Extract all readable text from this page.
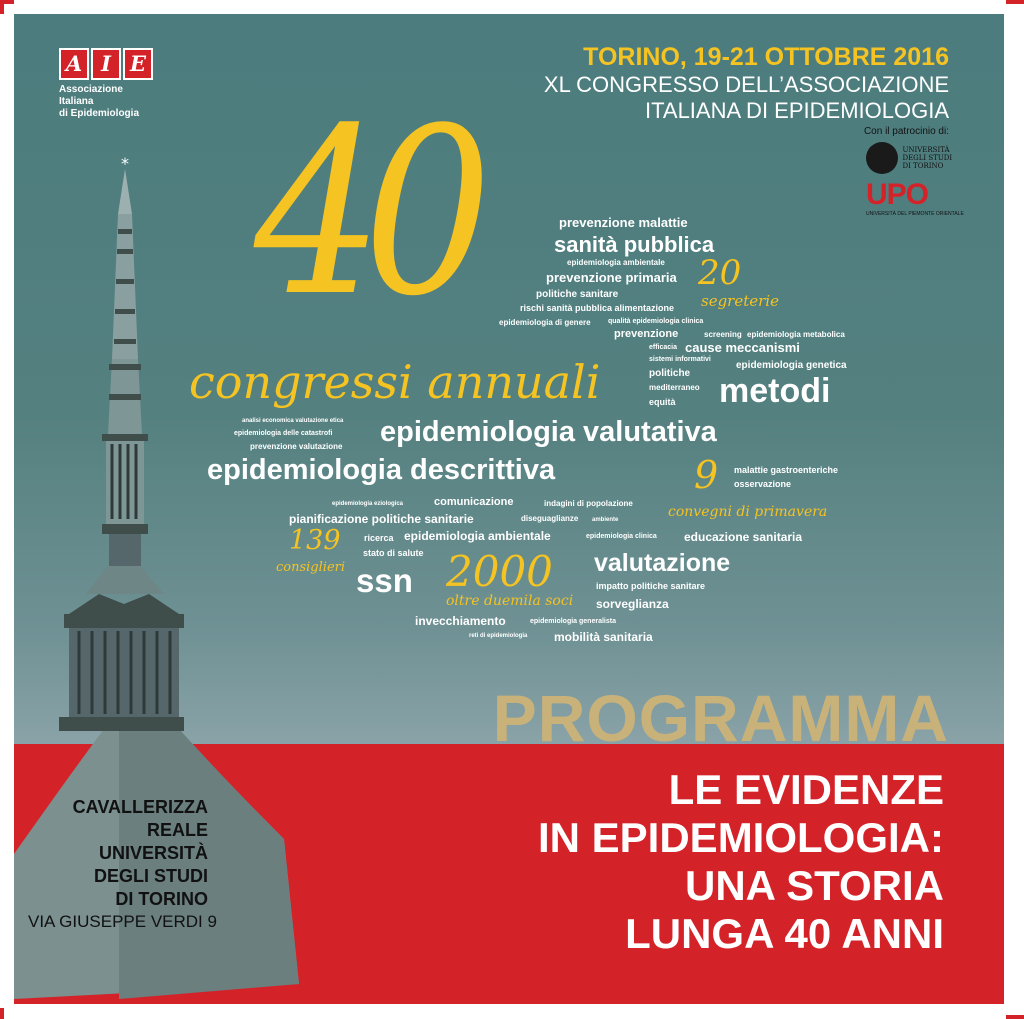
*
A I E
Associazione
Italiana
di Epidemiologia
TORINO, 19-21 OTTOBRE 2016
XL CONGRESSO DELL’ASSOCIAZIONE
ITALIANA DI EPIDEMIOLOGIA
Con il patrocinio di:
UNIVERSITÀ
DEGLI STUDI
DI TORINO
UPO
UNIVERSITÀ DEL PIEMONTE ORIENTALE
40
congressi annuali
prevenzione malattie
sanità pubblica
epidemiologia ambientale
prevenzione primaria
politiche sanitare
rischi sanità pubblica alimentazione
epidemiologia di genere qualità epidemiologia clinica
20
segreterie
prevenzione	screening epidemiologia metabolica
efficacia cause meccanismi
sistemi informativi
epidemiologia genetica
politiche
mediterraneo
equità metodi
analisi economica valutazione etica
epidemiologia delle catastrofi
prevenzione valutazione epidemiologia valutativa
epidemiologia descrittiva	9 malattie gastroenteriche
osservazione
convegni di primavera
epidemiologia eziologica	comunicazione	indagini di popolazione
pianificazione politiche sanitarie	diseguaglianze ambiente
139
consiglieri
ricerca epidemiologia ambientale	epidemiologia clinica educazione sanitaria
stato di salute	valutazione
ssn 2000
oltre duemila soci
impatto politiche sanitare
sorveglianza
invecchiamento	epidemiologia generalista
reti di epidemiologia mobilità sanitaria
PROGRAMMA
LE EVIDENZE
IN EPIDEMIOLOGIA:
UNA STORIA
LUNGA 40 ANNI
CAVALLERIZZA
REALE
UNIVERSITÀ
DEGLI STUDI
DI TORINO
VIA GIUSEPPE VERDI 9
